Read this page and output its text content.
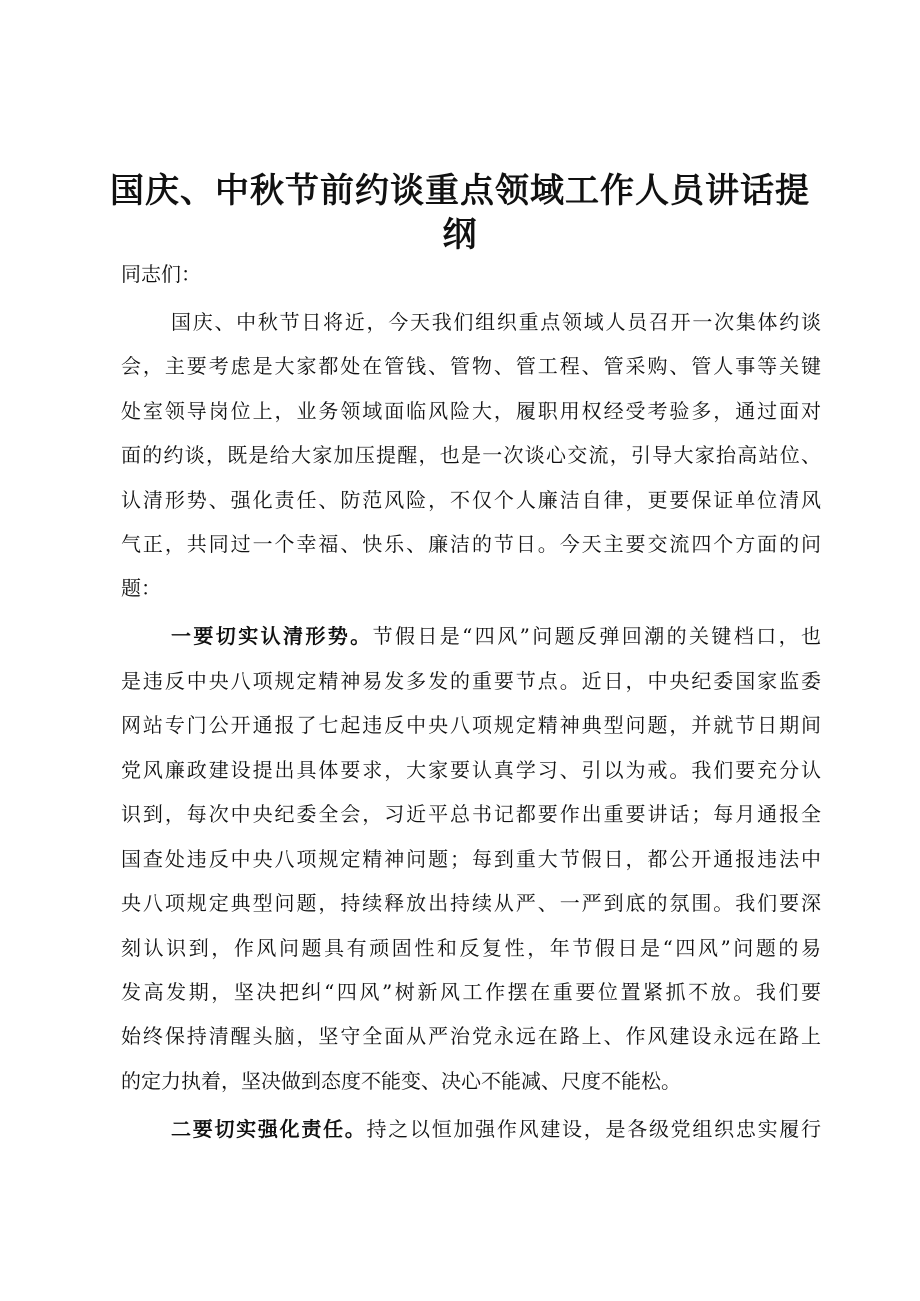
国庆、中秋节前约谈重点领域工作人员讲话提
纲
同志们：
国庆、中秋节日将近，今天我们组织重点领域人员召开一次集体约谈
会，主要考虑是大家都处在管钱、管物、管工程、管采购、管人事等关键
处室领导岗位上，业务领域面临风险大，履职用权经受考验多，通过面对
面的约谈，既是给大家加压提醒，也是一次谈心交流，引导大家抬高站位、
认清形势、强化责任、防范风险，不仅个人廉洁自律，更要保证单位清风
气正，共同过一个幸福、快乐、廉洁的节日。今天主要交流四个方面的问
题：
一要切实认清形势。节假日是“四风”问题反弹回潮的关键档口，也
是违反中央八项规定精神易发多发的重要节点。近日，中央纪委国家监委
网站专门公开通报了七起违反中央八项规定精神典型问题，并就节日期间
党风廉政建设提出具体要求，大家要认真学习、引以为戒。我们要充分认
识到，每次中央纪委全会，习近平总书记都要作出重要讲话；每月通报全
国查处违反中央八项规定精神问题；每到重大节假日，都公开通报违法中
央八项规定典型问题，持续释放出持续从严、一严到底的氛围。我们要深
刻认识到，作风问题具有顽固性和反复性，年节假日是“四风”问题的易
发高发期，坚决把纠“四风”树新风工作摆在重要位置紧抓不放。我们要
始终保持清醒头脑，坚守全面从严治党永远在路上、作风建设永远在路上
的定力执着，坚决做到态度不能变、决心不能减、尺度不能松。
二要切实强化责任。持之以恒加强作风建设，是各级党组织忠实履行
